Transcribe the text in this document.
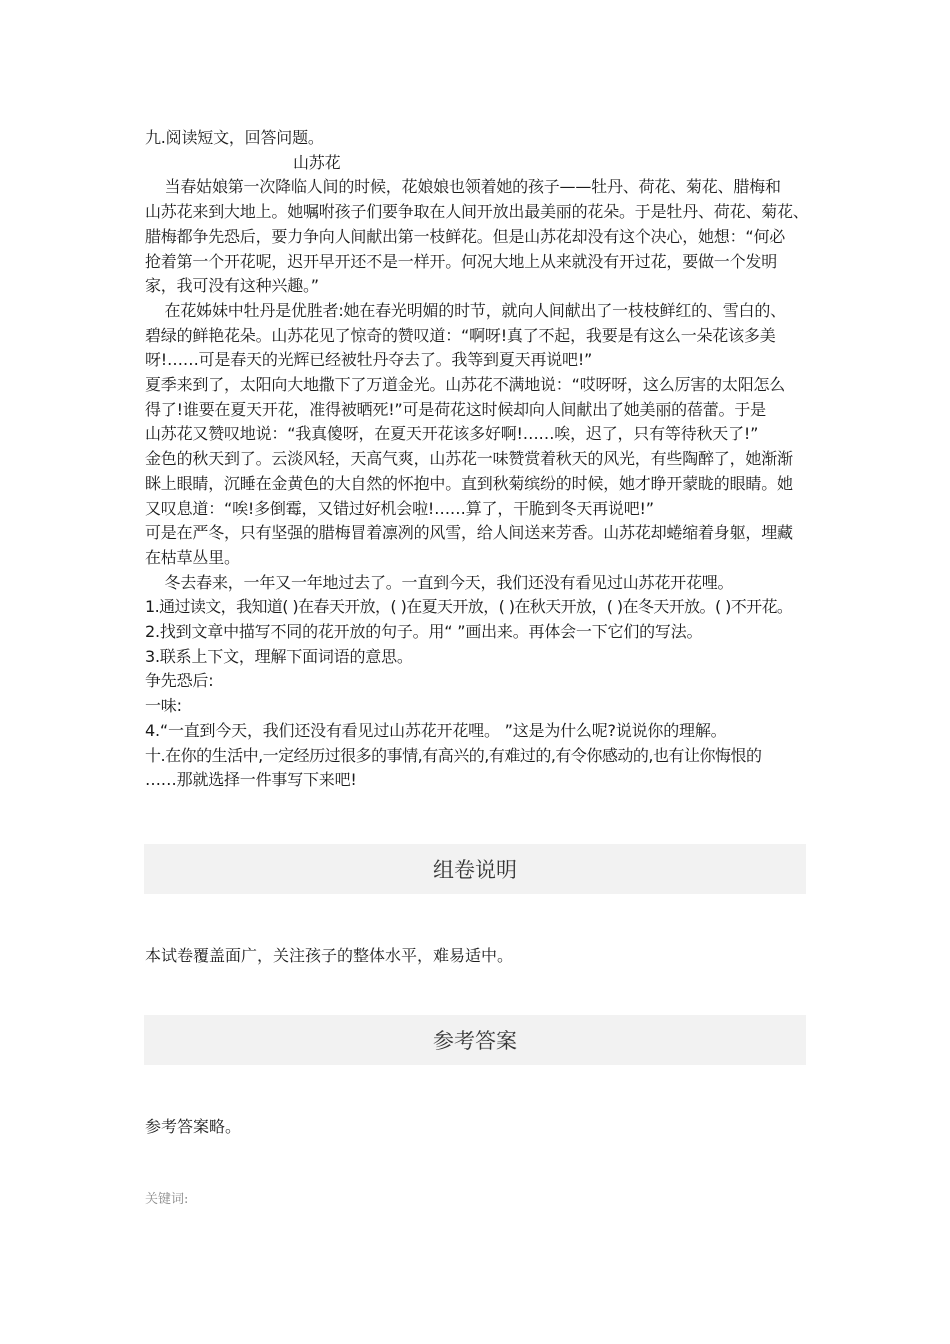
九.阅读短文，回答问题。
山苏花
当春姑娘第一次降临人间的时候，花娘娘也领着她的孩子——牡丹、荷花、菊花、腊梅和
山苏花来到大地上。她嘱咐孩子们要争取在人间开放出最美丽的花朵。于是牡丹、荷花、菊花、
腊梅都争先恐后，要力争向人间献出第一枝鲜花。但是山苏花却没有这个决心，她想：“何必
抢着第一个开花呢，迟开早开还不是一样开。何况大地上从来就没有开过花，要做一个发明
家，我可没有这种兴趣。”
在花姊妹中牡丹是优胜者:她在春光明媚的时节，就向人间献出了一枝枝鲜红的、雪白的、
碧绿的鲜艳花朵。山苏花见了惊奇的赞叹道：“啊呀!真了不起，我要是有这么一朵花该多美
呀!……可是春天的光辉已经被牡丹夺去了。我等到夏天再说吧!”
夏季来到了，太阳向大地撒下了万道金光。山苏花不满地说：“哎呀呀，这么厉害的太阳怎么
得了!谁要在夏天开花，准得被晒死!”可是荷花这时候却向人间献出了她美丽的蓓蕾。于是
山苏花又赞叹地说：“我真傻呀，在夏天开花该多好啊!……唉，迟了，只有等待秋天了!”
金色的秋天到了。云淡风轻，天高气爽，山苏花一味赞赏着秋天的风光，有些陶醉了，她渐渐
眯上眼睛，沉睡在金黄色的大自然的怀抱中。直到秋菊缤纷的时候，她才睁开蒙眬的眼睛。她
又叹息道：“唉!多倒霉，又错过好机会啦!……算了，干脆到冬天再说吧!”
可是在严冬，只有坚强的腊梅冒着凛冽的风雪，给人间送来芳香。山苏花却蜷缩着身躯，埋藏
在枯草丛里。
冬去春来，一年又一年地过去了。一直到今天，我们还没有看见过山苏花开花哩。
1.通过读文，我知道( )在春天开放，( )在夏天开放，( )在秋天开放，( )在冬天开放。( )不开花。
2.找到文章中描写不同的花开放的句子。用“ ”画出来。再体会一下它们的写法。
3.联系上下文，理解下面词语的意思。
争先恐后:
一味:
4.“一直到今天，我们还没有看见过山苏花开花哩。 ”这是为什么呢?说说你的理解。
十.在你的生活中,一定经历过很多的事情,有高兴的,有难过的,有令你感动的,也有让你悔恨的
……那就选择一件事写下来吧!
组卷说明
本试卷覆盖面广，关注孩子的整体水平，难易适中。
参考答案
参考答案略。
关键词:
